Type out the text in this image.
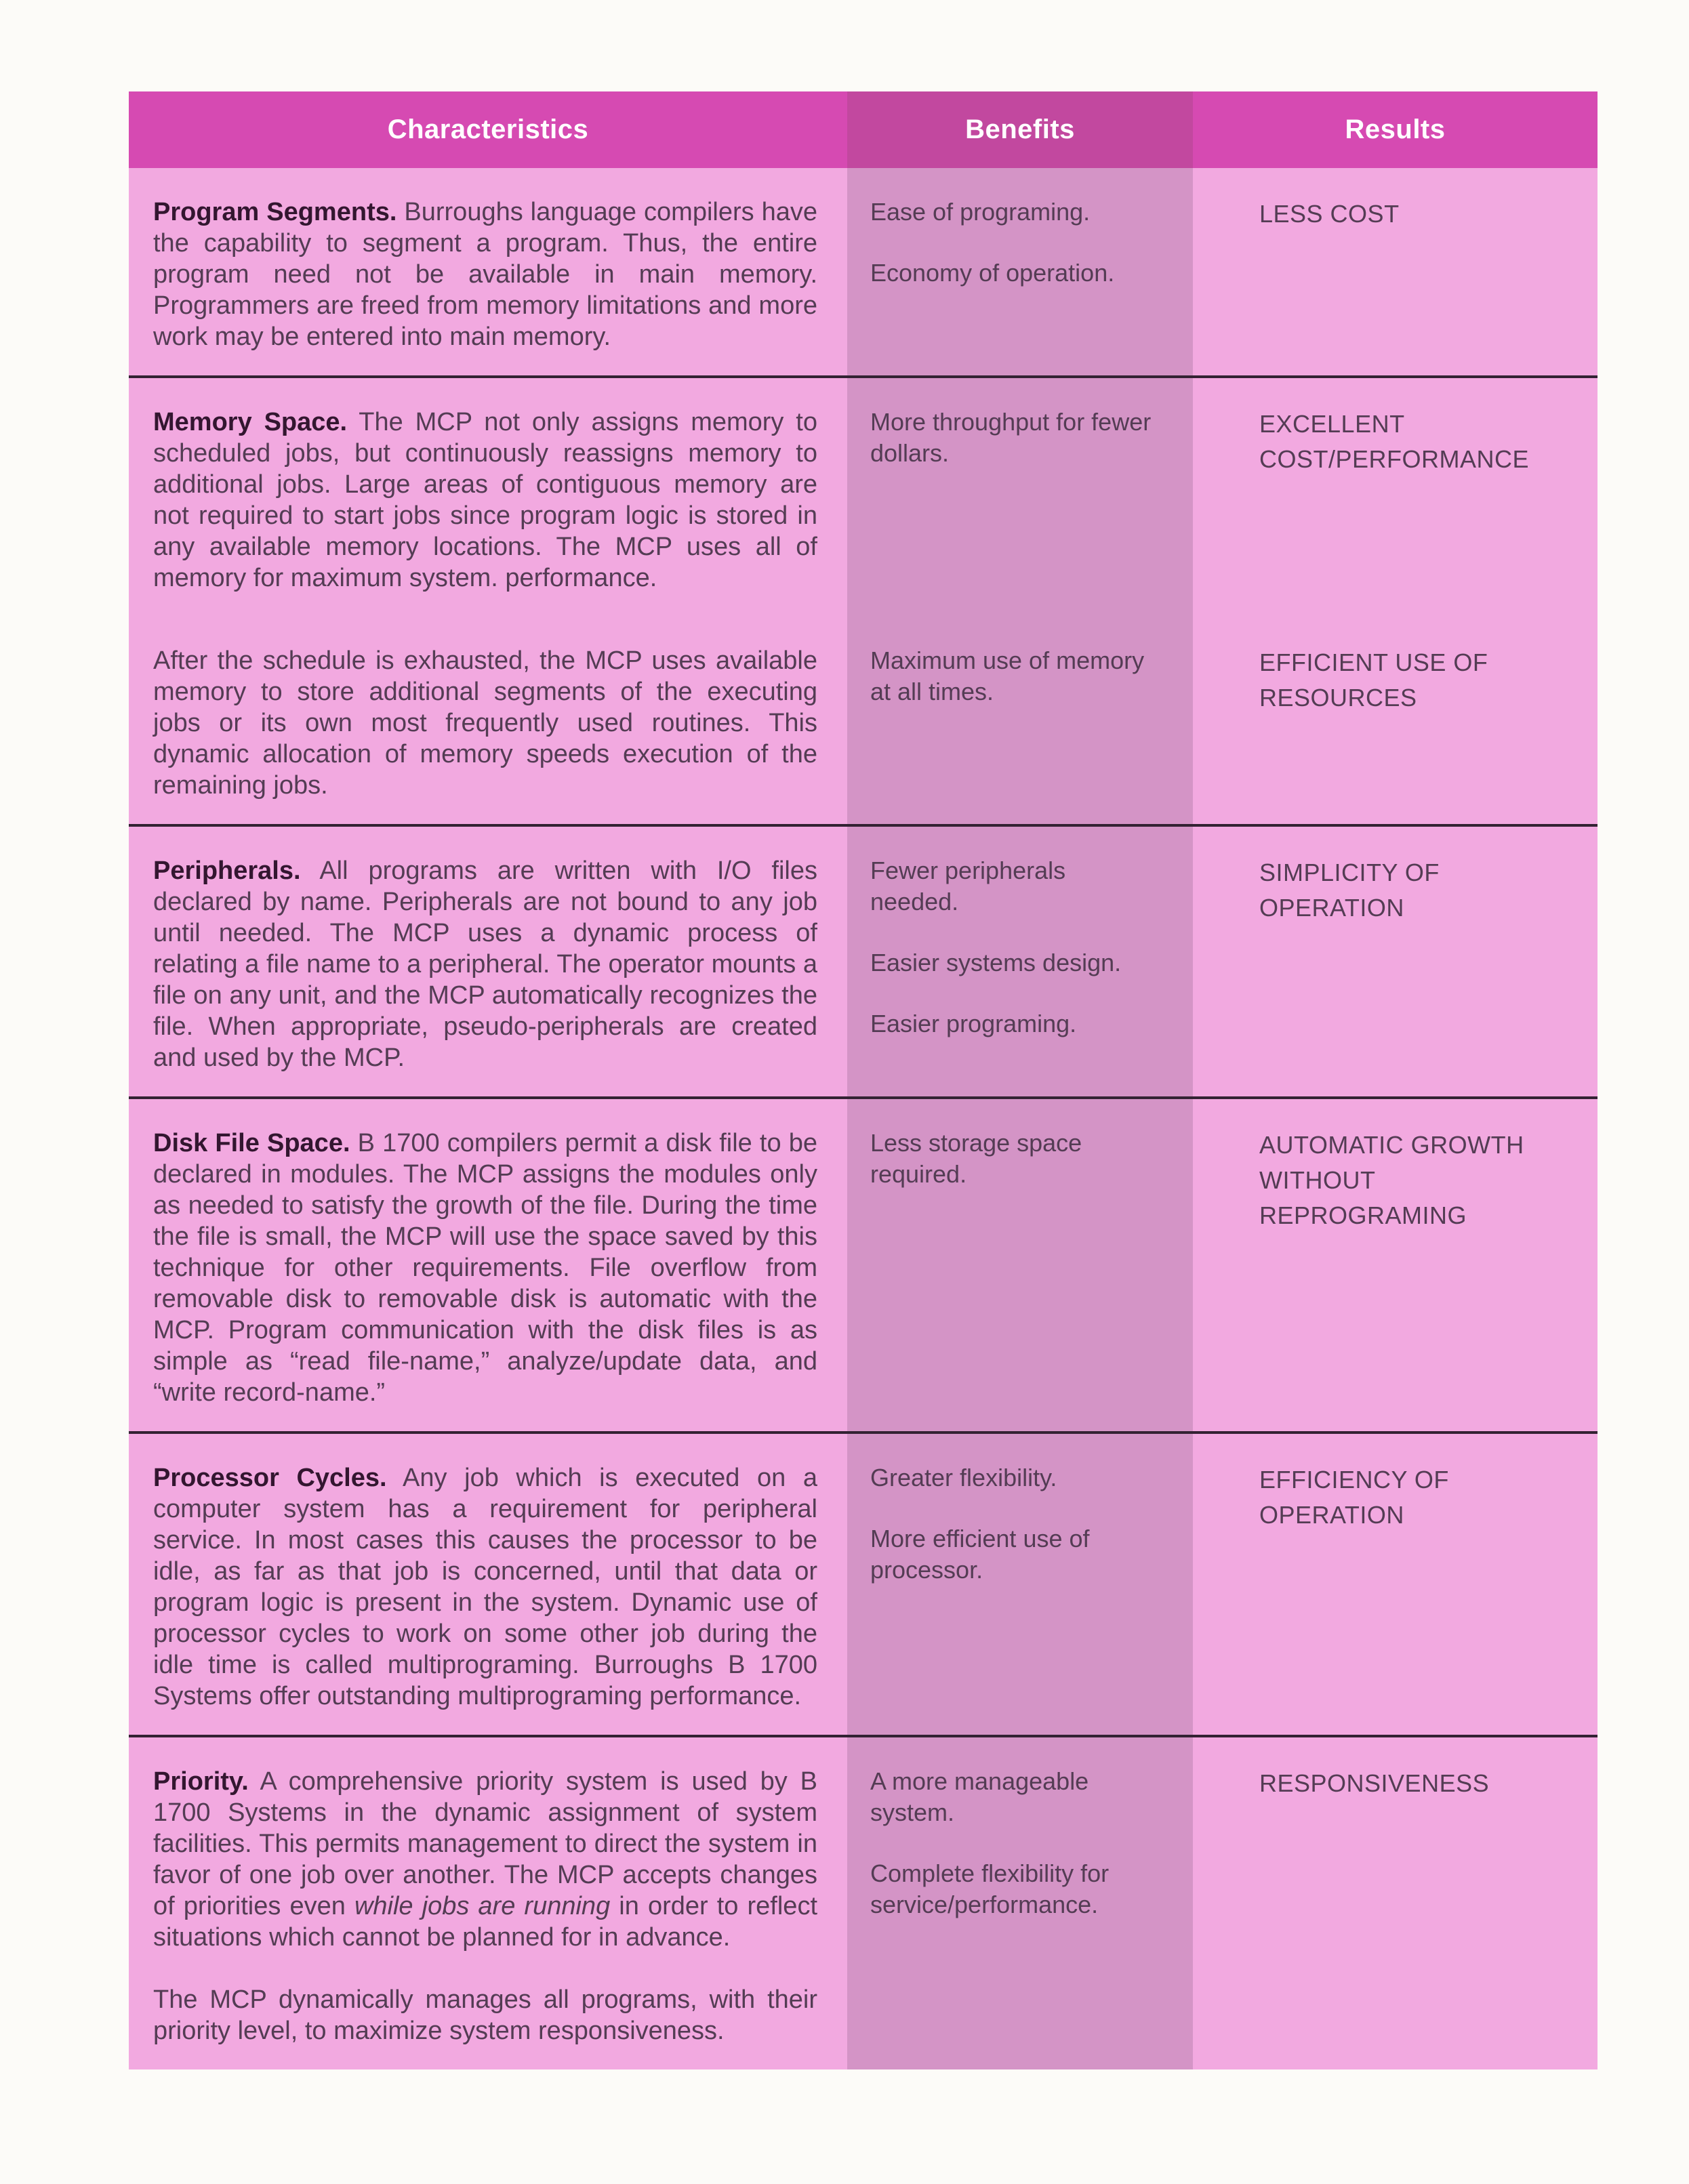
Characteristics	Benefits	Results

Program Segments. Burroughs language compilers have the capability to segment a program. Thus, the entire program need not be available in main memory. Programmers are freed from memory limitations and more work may be entered into main memory.

Ease of programing.

Economy of operation.

LESS COST

Memory Space. The MCP not only assigns memory to scheduled jobs, but continuously reassigns memory to additional jobs. Large areas of contiguous memory are not required to start jobs since program logic is stored in any available memory locations. The MCP uses all of memory for maximum system. performance.

More throughput for fewer dollars.

EXCELLENT
COST/PERFORMANCE

After the schedule is exhausted, the MCP uses available memory to store additional segments of the executing jobs or its own most frequently used routines. This dynamic allocation of memory speeds execution of the remaining jobs.

Maximum use of memory at all times.

EFFICIENT USE OF
RESOURCES

Peripherals. All programs are written with I/O files declared by name. Peripherals are not bound to any job until needed. The MCP uses a dynamic process of relating a file name to a peripheral. The operator mounts a file on any unit, and the MCP automatically recognizes the file. When appropriate, pseudo-peripherals are created and used by the MCP.

Fewer peripherals needed.

Easier systems design.

Easier programing.

SIMPLICITY OF
OPERATION

Disk File Space. B 1700 compilers permit a disk file to be declared in modules. The MCP assigns the modules only as needed to satisfy the growth of the file. During the time the file is small, the MCP will use the space saved by this technique for other requirements. File overflow from removable disk to removable disk is automatic with the MCP. Program communication with the disk files is as simple as “read file-name,” analyze/update data, and “write record-name.”

Less storage space required.

AUTOMATIC GROWTH
WITHOUT
REPROGRAMING

Processor Cycles. Any job which is executed on a computer system has a requirement for peripheral service. In most cases this causes the processor to be idle, as far as that job is concerned, until that data or program logic is present in the system. Dynamic use of processor cycles to work on some other job during the idle time is called multiprograming. Burroughs B 1700 Systems offer outstanding multiprograming performance.

Greater flexibility.

More efficient use of processor.

EFFICIENCY OF
OPERATION

Priority. A comprehensive priority system is used by B 1700 Systems in the dynamic assignment of system facilities. This permits management to direct the system in favor of one job over another. The MCP accepts changes of priorities even while jobs are running in order to reflect situations which cannot be planned for in advance.

The MCP dynamically manages all programs, with their priority level, to maximize system responsiveness.

A more manageable system.

Complete flexibility for service/performance.

RESPONSIVENESS
